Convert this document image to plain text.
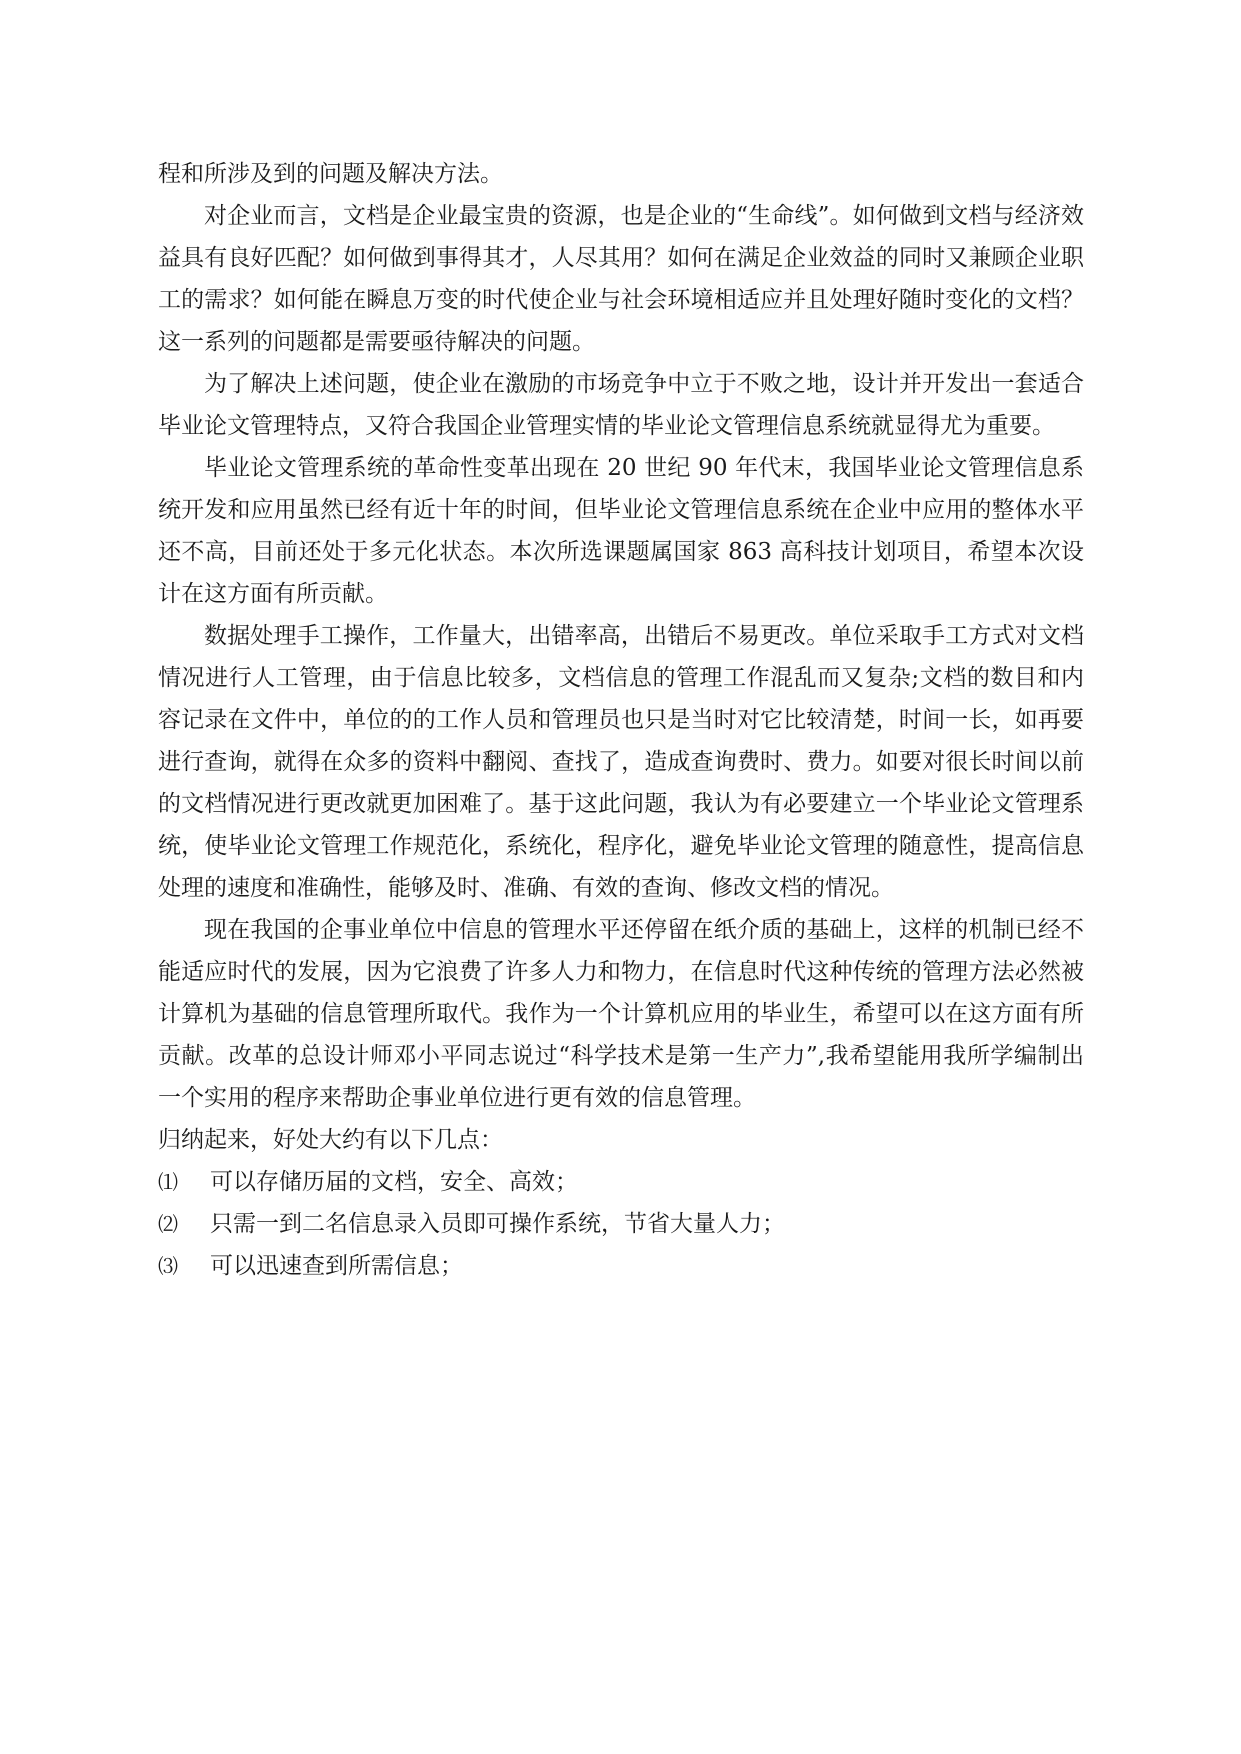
程和所涉及到的问题及解决方法。

对企业而言，文档是企业最宝贵的资源，也是企业的“生命线”。如何做到文档与经济效益具有良好匹配？如何做到事得其才，人尽其用？如何在满足企业效益的同时又兼顾企业职工的需求？如何能在瞬息万变的时代使企业与社会环境相适应并且处理好随时变化的文档？这一系列的问题都是需要亟待解决的问题。

为了解决上述问题，使企业在激励的市场竞争中立于不败之地，设计并开发出一套适合毕业论文管理特点，又符合我国企业管理实情的毕业论文管理信息系统就显得尤为重要。

毕业论文管理系统的革命性变革出现在 20 世纪 90 年代末，我国毕业论文管理信息系统开发和应用虽然已经有近十年的时间，但毕业论文管理信息系统在企业中应用的整体水平还不高，目前还处于多元化状态。本次所选课题属国家 863 高科技计划项目，希望本次设计在这方面有所贡献。

数据处理手工操作，工作量大，出错率高，出错后不易更改。单位采取手工方式对文档情况进行人工管理，由于信息比较多，文档信息的管理工作混乱而又复杂;文档的数目和内容记录在文件中，单位的的工作人员和管理员也只是当时对它比较清楚，时间一长，如再要进行查询，就得在众多的资料中翻阅、查找了，造成查询费时、费力。如要对很长时间以前的文档情况进行更改就更加困难了。基于这此问题，我认为有必要建立一个毕业论文管理系统，使毕业论文管理工作规范化，系统化，程序化，避免毕业论文管理的随意性，提高信息处理的速度和准确性，能够及时、准确、有效的查询、修改文档的情况。

现在我国的企事业单位中信息的管理水平还停留在纸介质的基础上，这样的机制已经不能适应时代的发展，因为它浪费了许多人力和物力，在信息时代这种传统的管理方法必然被计算机为基础的信息管理所取代。我作为一个计算机应用的毕业生，希望可以在这方面有所贡献。改革的总设计师邓小平同志说过“科学技术是第一生产力”,我希望能用我所学编制出一个实用的程序来帮助企事业单位进行更有效的信息管理。

归纳起来，好处大约有以下几点：

⑴	可以存储历届的文档，安全、高效；
⑵	只需一到二名信息录入员即可操作系统，节省大量人力；
⑶	可以迅速查到所需信息；
